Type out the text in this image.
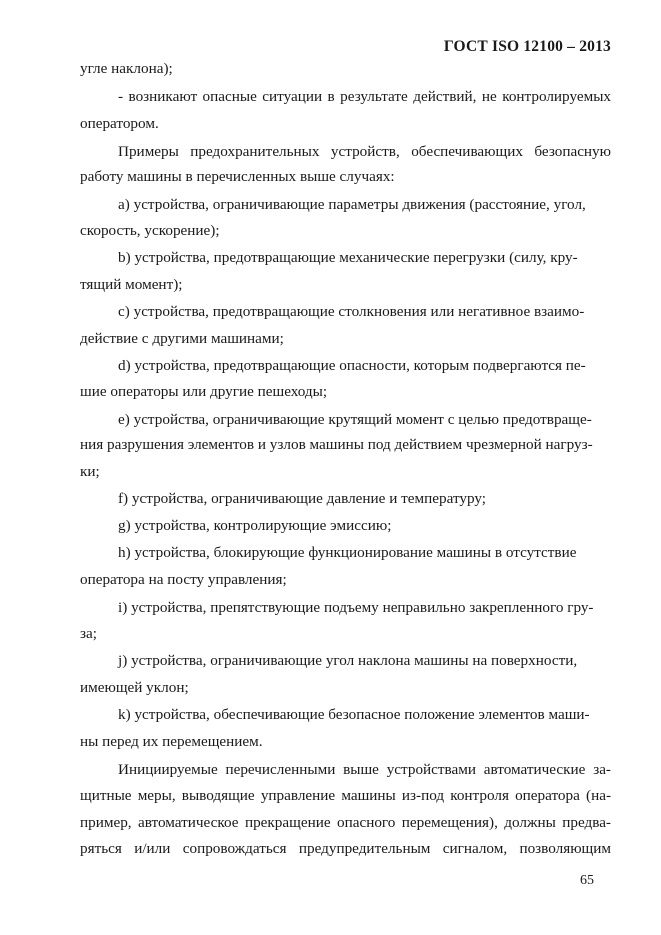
ГОСТ ISO 12100 – 2013
угле наклона);
- возникают опасные ситуации в результате действий, не контролируемых
оператором.
Примеры предохранительных устройств, обеспечивающих безопасную
работу машины в перечисленных выше случаях:
a) устройства, ограничивающие параметры движения (расстояние, угол,
скорость, ускорение);
b) устройства, предотвращающие механические перегрузки (силу, кру-
тящий момент);
c) устройства, предотвращающие столкновения или негативное взаимо-
действие с другими машинами;
d) устройства, предотвращающие опасности, которым подвергаются пе-
шие операторы или другие пешеходы;
e) устройства, ограничивающие крутящий момент с целью предотвраще-
ния разрушения элементов и узлов машины под действием чрезмерной нагруз-
ки;
f) устройства, ограничивающие давление и температуру;
g) устройства, контролирующие эмиссию;
h) устройства, блокирующие функционирование машины в отсутствие
оператора на посту управления;
i) устройства, препятствующие подъему неправильно закрепленного гру-
за;
j) устройства, ограничивающие угол наклона машины на поверхности,
имеющей уклон;
k) устройства, обеспечивающие безопасное положение элементов маши-
ны перед их перемещением.
Инициируемые перечисленными выше устройствами автоматические за-
щитные меры, выводящие управление машины из-под контроля оператора (на-
пример, автоматическое прекращение опасного перемещения), должны предва-
ряться и/или сопровождаться предупредительным сигналом, позволяющим
65
